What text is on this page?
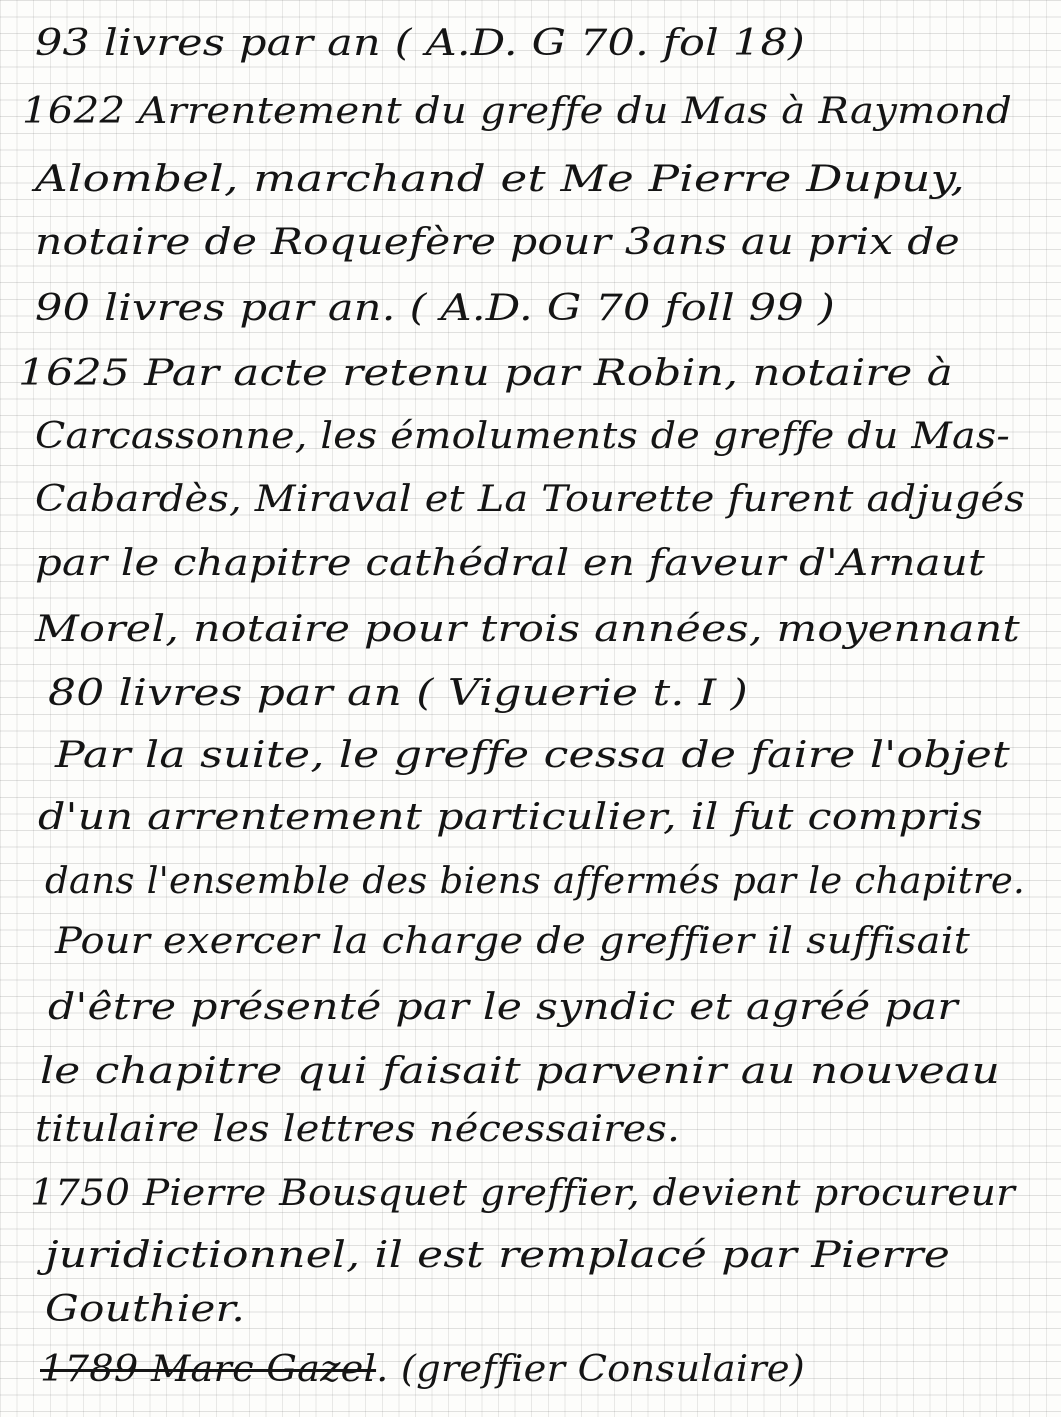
93 livres par an ( A.D. G 70. fol 18)
1622 Arrentement du greffe du Mas à Raymond
Alombel, marchand et Me Pierre Dupuy,
notaire de Roquefère pour 3ans au prix de
90 livres par an. ( A.D. G 70 foll 99 )
1625 Par acte retenu par Robin, notaire à
Carcassonne, les émoluments de greffe du Mas-
Cabardès, Miraval et La Tourette furent adjugés
par le chapitre cathédral en faveur d'Arnaut
Morel, notaire pour trois années, moyennant
80 livres par an ( Viguerie t. I )
Par la suite, le greffe cessa de faire l'objet
d'un arrentement particulier, il fut compris
dans l'ensemble des biens affermés par le chapitre.
Pour exercer la charge de greffier il suffisait
d'être présenté par le syndic et agréé par
le chapitre qui faisait parvenir au nouveau
titulaire les lettres nécessaires.
1750 Pierre Bousquet greffier, devient procureur
juridictionnel, il est remplacé par Pierre
Gouthier.
1789 Marc Gazel. (greffier Consulaire)
